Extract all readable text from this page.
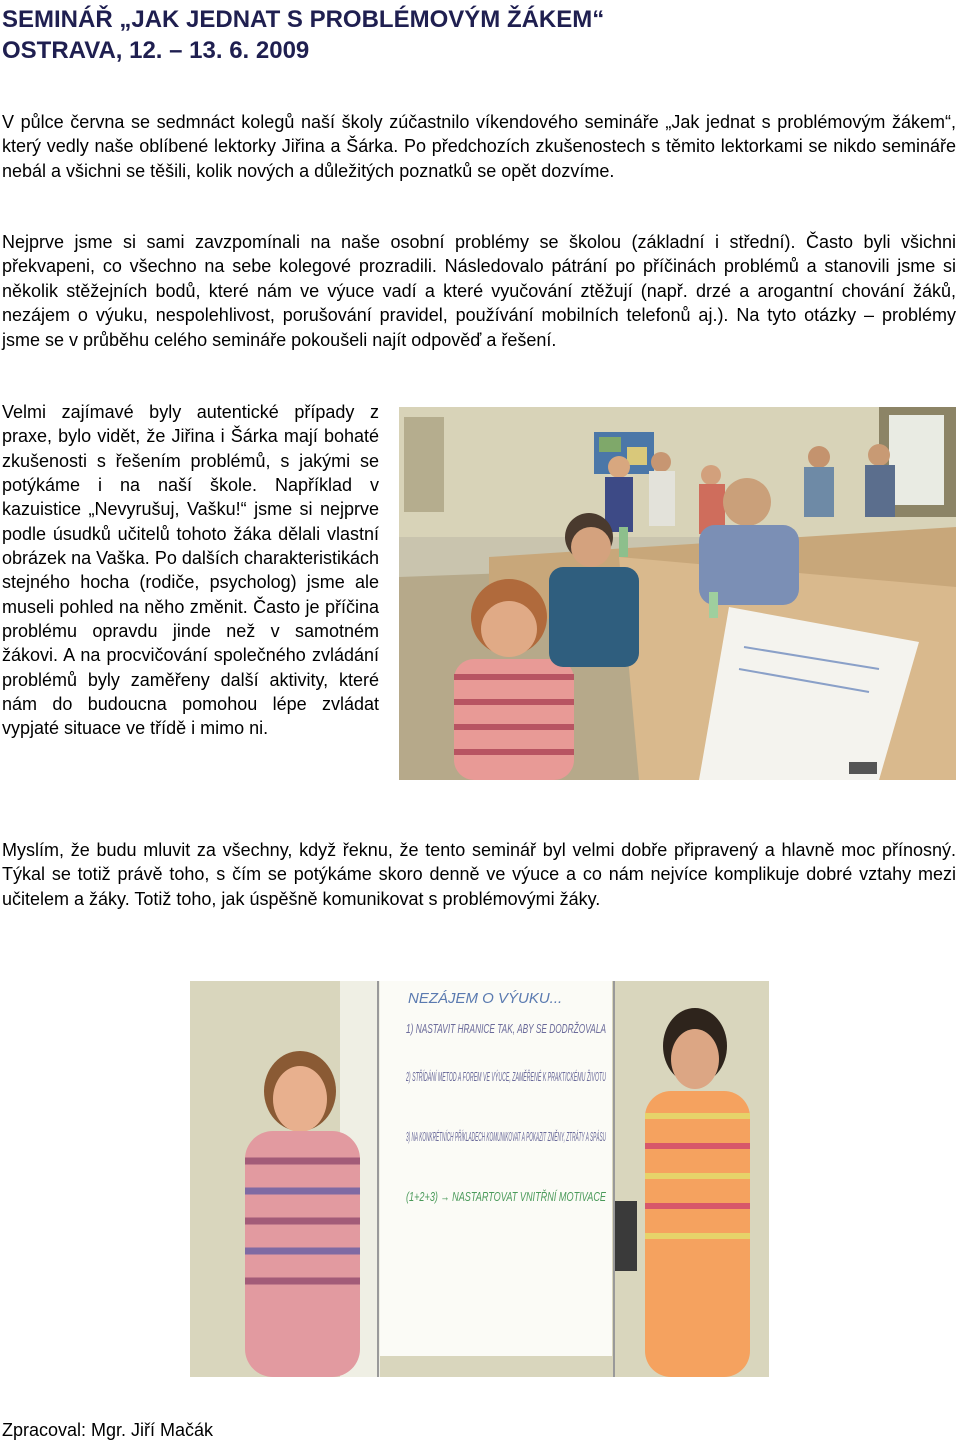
SEMINÁŘ „JAK JEDNAT S PROBLÉMOVÝM ŽÁKEM“
OSTRAVA, 12. – 13. 6. 2009

V půlce června se sedmnáct kolegů naší školy zúčastnilo víkendového semináře „Jak jednat s problémovým žákem“, který vedly naše oblíbené lektorky Jiřina a Šárka. Po předchozích zkušenostech s těmito lektorkami se nikdo semináře nebál a všichni se těšili, kolik nových a důležitých poznatků se opět dozvíme.

Nejprve jsme si sami zavzpomínali na naše osobní problémy se školou (základní i střední). Často byli všichni překvapeni, co všechno na sebe kolegové prozradili. Následovalo pátrání po příčinách problémů a stanovili jsme si několik stěžejních bodů, které nám ve výuce vadí a které vyučování ztěžují (např. drzé a arogantní chování žáků, nezájem o výuku, nespolehlivost, porušování pravidel, používání mobilních telefonů aj.). Na tyto otázky – problémy jsme se v průběhu celého semináře pokoušeli najít odpověď a řešení.

Velmi zajímavé byly autentické případy z praxe, bylo vidět, že Jiřina i Šárka mají bohaté zkušenosti s řešením problémů, s jakými se potýkáme i na naší škole. Například v kazuistice „Nevyrušuj, Vašku!“ jsme si nejprve podle úsudků učitelů tohoto žáka dělali vlastní obrázek na Vaška. Po dalších charakteristikách stejného hocha (rodiče, psycholog) jsme ale museli pohled na něho změnit. Často je příčina problému opravdu jinde než v samotném žákovi. A na procvičování společného zvládání problémů byly zaměřeny další aktivity, které nám do budoucna pomohou lépe zvládat vypjaté situace ve třídě i mimo ni.

Myslím, že budu mluvit za všechny, když řeknu, že tento seminář byl velmi dobře připravený a hlavně moc přínosný. Týkal se totiž právě toho, s čím se potýkáme skoro denně ve výuce a co nám nejvíce komplikuje dobré vztahy mezi učitelem a žáky. Totiž toho, jak úspěšně komunikovat s problémovými žáky.

NEZÁJEM O VÝUKU...
1) NASTAVIT HRANICE TAK, ABY SE DODRŽOVALA
2) STŘÍDÁNÍ METOD A FOREM VE VÝUCE, ZAMĚŘENÉ K PRAKTICKÉMU ŽIVOTU
3) NA KONKRÉTNÍCH PŘÍKLADECH KOMUNIKOVAT A POKAZIT ZMĚNY, ZTRÁTY A SPÁSU
(1+2+3) → NASTARTOVAT VNITŘNÍ MOTIVACE

Zpracoval: Mgr. Jiří Mačák
